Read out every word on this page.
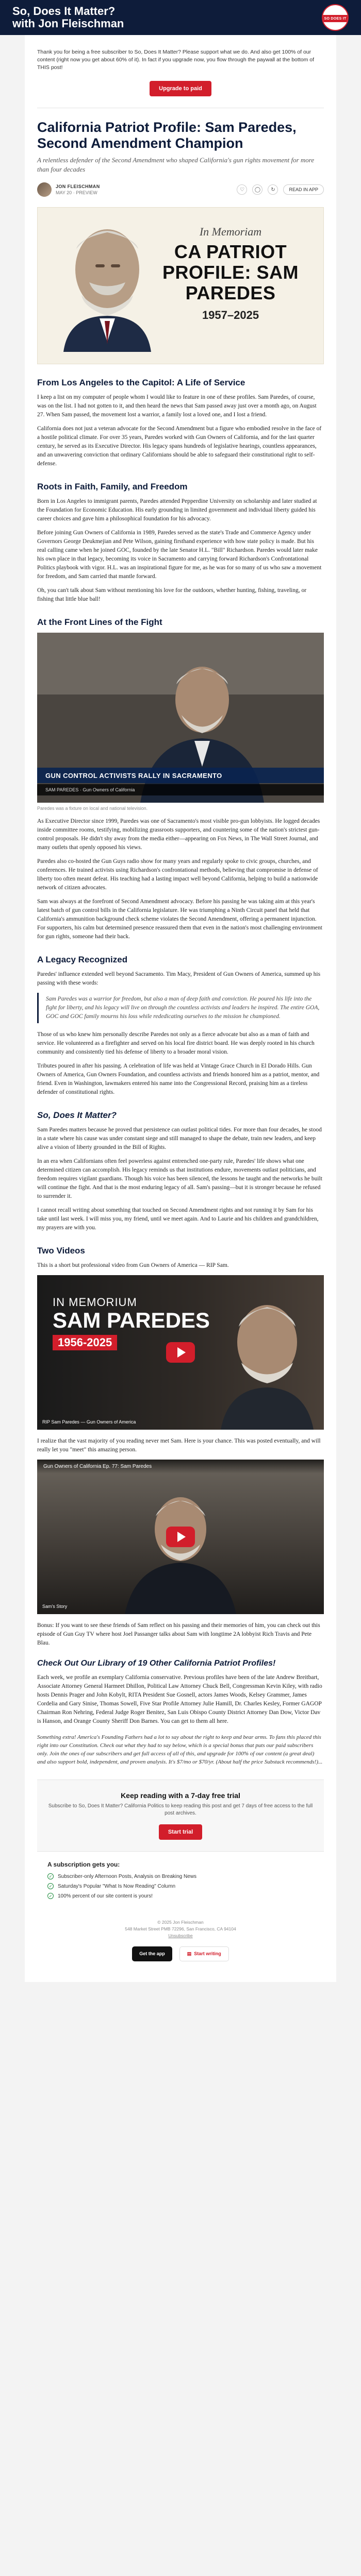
So, Does It Matter?
with Jon Fleischman	SO DOES IT

Thank you for being a free subscriber to So, Does It Matter? Please support what we do. And also get 100% of our content (right now you get about 60% of it). In fact if you upgrade now, you flow through the paywall at the bottom of THIS post!

Upgrade to paid
California Patriot Profile: Sam Paredes, Second Amendment Champion

A relentless defender of the Second Amendment who shaped California's gun rights movement for more than four decades

JON FLEISCHMAN
MAY 20 · PREVIEW
♡	◯	↻	READ IN APP
In Memoriam
CA PATRIOT PROFILE: SAM PAREDES
1957–2025
From Los Angeles to the Capitol: A Life of Service

I keep a list on my computer of people whom I would like to feature in one of these profiles. Sam Paredes, of course, was on the list. I had not gotten to it, and then heard the news that Sam passed away just over a month ago, on August 27. When Sam passed, the movement lost a warrior, a family lost a loved one, and I lost a friend.

California does not just a veteran advocate for the Second Amendment but a figure who embodied resolve in the face of a hostile political climate. For over 35 years, Paredes worked with Gun Owners of California, and for the last quarter century, he served as its Executive Director. His legacy spans hundreds of legislative hearings, countless appearances, and an unwavering conviction that ordinary Californians should be able to safeguard their constitutional right to self-defense.

Roots in Faith, Family, and Freedom

Born in Los Angeles to immigrant parents, Paredes attended Pepperdine University on scholarship and later studied at the Foundation for Economic Education. His early grounding in limited government and individual liberty guided his career choices and gave him a philosophical foundation for his advocacy.

Before joining Gun Owners of California in 1989, Paredes served as the state's Trade and Commerce Agency under Governors George Deukmejian and Pete Wilson, gaining firsthand experience with how state policy is made. But his real calling came when he joined GOC, founded by the late Senator H.L. "Bill" Richardson. Paredes would later make his own place in that legacy, becoming its voice in Sacramento and carrying forward Richardson's Confrontational Politics playbook with vigor. H.L. was an inspirational figure for me, as he was for so many of us who saw a movement for freedom, and Sam carried that mantle forward.

Oh, you can't talk about Sam without mentioning his love for the outdoors, whether hunting, fishing, traveling, or fishing that little blue ball!

At the Front Lines of the Fight
GUN CONTROL ACTIVISTS RALLY IN SACRAMENTO
SAM PAREDES · Gun Owners of California

Paredes was a fixture on local and national television.

As Executive Director since 1999, Paredes was one of Sacramento's most visible pro-gun lobbyists. He logged decades inside committee rooms, testifying, mobilizing grassroots supporters, and countering some of the nation's strictest gun-control proposals. He didn't shy away from the media either—appearing on Fox News, in The Wall Street Journal, and many outlets that openly opposed his views.

Paredes also co-hosted the Gun Guys radio show for many years and regularly spoke to civic groups, churches, and conferences. He trained activists using Richardson's confrontational methods, believing that compromise in defense of liberty too often meant defeat. His teaching had a lasting impact well beyond California, helping to build a nationwide network of citizen advocates.

Sam was always at the forefront of Second Amendment advocacy. Before his passing he was taking aim at this year's latest batch of gun control bills in the California legislature. He was triumphing a Ninth Circuit panel that held that California's ammunition background check scheme violates the Second Amendment, offering a permanent injunction. For supporters, his calm but determined presence reassured them that even in the nation's most challenging environment for gun rights, someone had their back.

A Legacy Recognized

Paredes' influence extended well beyond Sacramento. Tim Macy, President of Gun Owners of America, summed up his passing with these words:

Sam Paredes was a warrior for freedom, but also a man of deep faith and conviction. He poured his life into the fight for liberty, and his legacy will live on through the countless activists and leaders he inspired. The entire GOA, GOC and GOC family mourns his loss while rededicating ourselves to the mission he championed.

Those of us who knew him personally describe Paredes not only as a fierce advocate but also as a man of faith and service. He volunteered as a firefighter and served on his local fire district board. He was deeply rooted in his church community and consistently tied his defense of liberty to a broader moral vision.

Tributes poured in after his passing. A celebration of life was held at Vintage Grace Church in El Dorado Hills. Gun Owners of America, Gun Owners Foundation, and countless activists and friends honored him as a patriot, mentor, and friend. Even in Washington, lawmakers entered his name into the Congressional Record, praising him as a tireless defender of constitutional rights.

So, Does It Matter?

Sam Paredes matters because he proved that persistence can outlast political tides. For more than four decades, he stood in a state where his cause was under constant siege and still managed to shape the debate, train new leaders, and keep alive a vision of liberty grounded in the Bill of Rights.

In an era when Californians often feel powerless against entrenched one-party rule, Paredes' life shows what one determined citizen can accomplish. His legacy reminds us that institutions endure, movements outlast politicians, and freedom requires vigilant guardians. Though his voice has been silenced, the lessons he taught and the networks he built will continue the fight. And that is the most enduring legacy of all. Sam's passing—but it is stronger because he refused to surrender it.

I cannot recall writing about something that touched on Second Amendment rights and not running it by Sam for his take until last week. I will miss you, my friend, until we meet again. And to Laurie and his children and grandchildren, my prayers are with you.

Two Videos

This is a short but professional video from Gun Owners of America — RIP Sam.

IN MEMORIUM
SAM PAREDES
1956-2025
RIP Sam Paredes — Gun Owners of America

I realize that the vast majority of you reading never met Sam. Here is your chance. This was posted eventually, and will really let you "meet" this amazing person.

Gun Owners of California Ep. 77: Sam Paredes
Sam's Story

Bonus: If you want to see these friends of Sam reflect on his passing and their memories of him, you can check out this episode of Gun Guy TV where host Joel Passanger talks about Sam with longtime 2A lobbyist Rich Travis and Pete Blau.

Check Out Our Library of 19 Other California Patriot Profiles!

Each week, we profile an exemplary California conservative. Previous profiles have been of the late Andrew Breitbart, Associate Attorney General Harmeet Dhillon, Political Law Attorney Chuck Bell, Congressman Kevin Kiley, with radio hosts Dennis Prager and John Kobylt, RITA President Sue Gosnell, actors James Woods, Kelsey Grammer, James Cordelia and Gary Sinise, Thomas Sowell, Five Star Profile Attorney Julie Hamill, Dr. Charles Kesley, Former GAGOP Chairman Ron Nehring, Federal Judge Roger Benitez, San Luis Obispo County District Attorney Dan Dow, Victor Dav is Hanson, and Orange County Sheriff Don Barnes. You can get to them all here.

Something extra! America's Founding Fathers had a lot to say about the right to keep and bear arms. To fans this placed this right into our Constitution. Check out what they had to say below, which is a special bonus that puts our paid subscribers only. Join the ones of our subscribers and get full access of all of this, and upgrade for 100% of our content (a great deal) and also support bold, independent, and proven analysis. It's $7/mo or $70/yr. (About half the price Substack recommends!)...

Keep reading with a 7-day free trial

Subscribe to So, Does It Matter? California Politics to keep reading this post and get 7 days of free access to the full post archives.

Start trial
A subscription gets you:
✓ Subscriber-only Afternoon Posts, Analysis on Breaking News
✓ Saturday's Popular "What Is Now Reading" Column
✓ 100% percent of our site content is yours!
© 2025 Jon Fleischman
548 Market Street PMB 72296, San Francisco, CA 94104
Unsubscribe
Get the app	▤ Start writing
